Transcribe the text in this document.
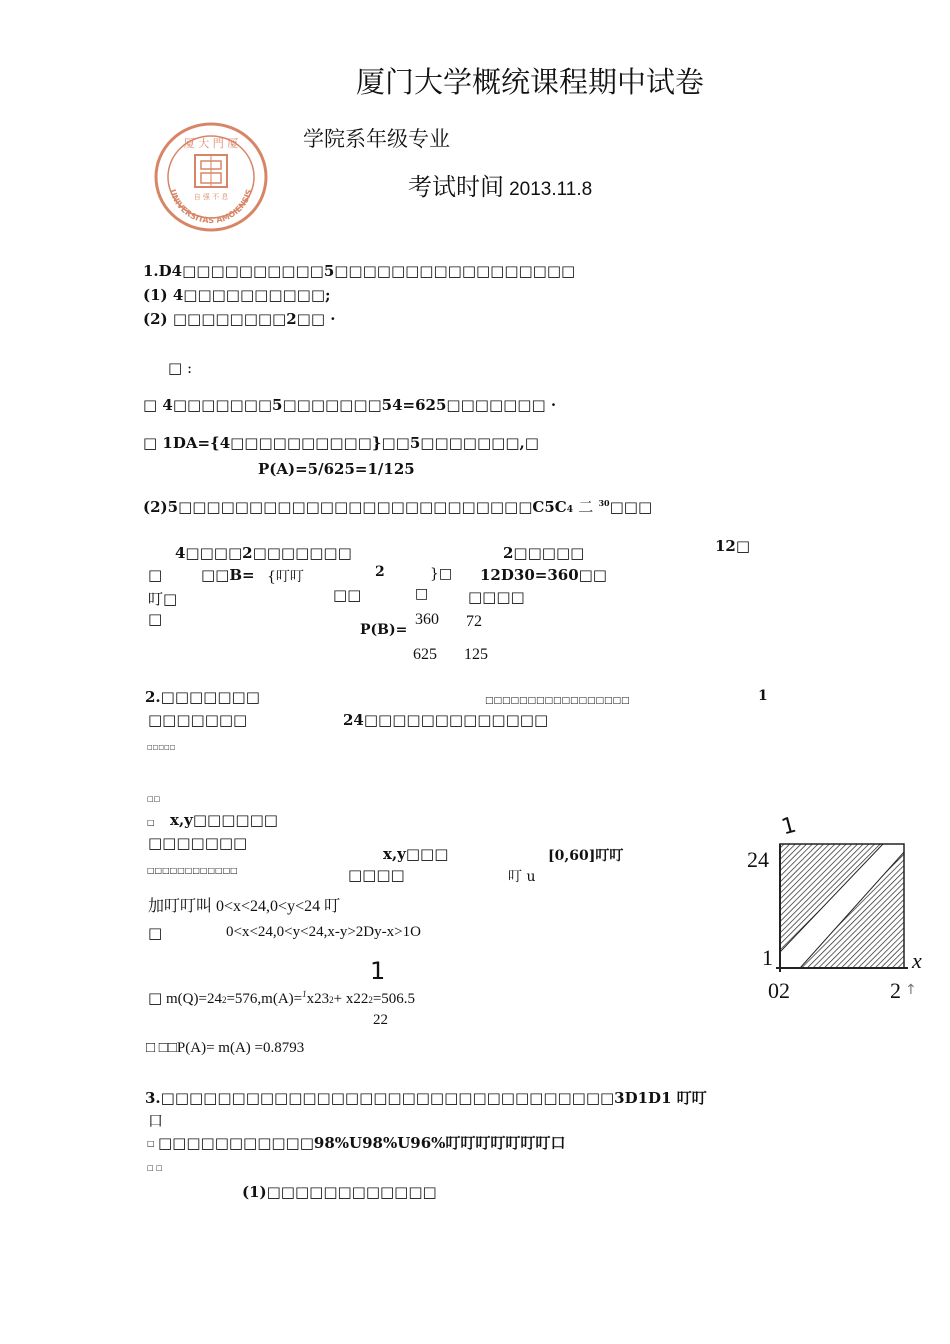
厦门大学概统课程期中试卷
厦 大 門 厦
自 强 不 息
UNIVERSITAS AMOIENSIS
学院系年级专业
考试时间 2013.11.8
1.D4□□□□□□□□□□5□□□□□□□□□□□□□□□□□
(1) 4□□□□□□□□□□;
(2) □□□□□□□□2□□ ·
□ :
□ 4□□□□□□□5□□□□□□□54=625□□□□□□□ ·
□ 1DA={4□□□□□□□□□□}□□5□□□□□□□,□
P(A)=5/625=1/125
(2)5□□□□□□□□□□□□□□□□□□□□□□□□□C5C4 二 $^{30}$□□□
4□□□□2□□□□□□□	2□□□□□	12□
□	□□B= {叮叮	2	}□ 12D30=360□□
叮□	□□	□	□□□□
□
P(B)=
360 72
625	125
2.□□□□□□□	□□□□□□□□□□□□□□□□□	1
□□□□□□□	24□□□□□□□□□□□□□
□□□□□
□□
□ x,y□□□□□□
□□□□□□□
□□□□□□□□□□□□
x,y□□□	[0,60]叮叮
□□□□	叮 u
加叮叮叫 0<x<24,0<y<24 叮
□	0<x<24,0<y<24,x-y>2Dy-x>1O
1
□ m(Q)=242=576,m(A)=$^1$x232+ x222=506.5
22
□ □□P(A)= m(A) =0.8793
1
24
1	x
02	2 ↑
3.□□□□□□□□□□□□□□□□□□□□□□□□□□□□□□□□3D1D1 叮叮
口
□ □□□□□□□□□□□98%U98%U96%叮叮叮叮叮叮叮口
□ □
(1)□□□□□□□□□□□□
